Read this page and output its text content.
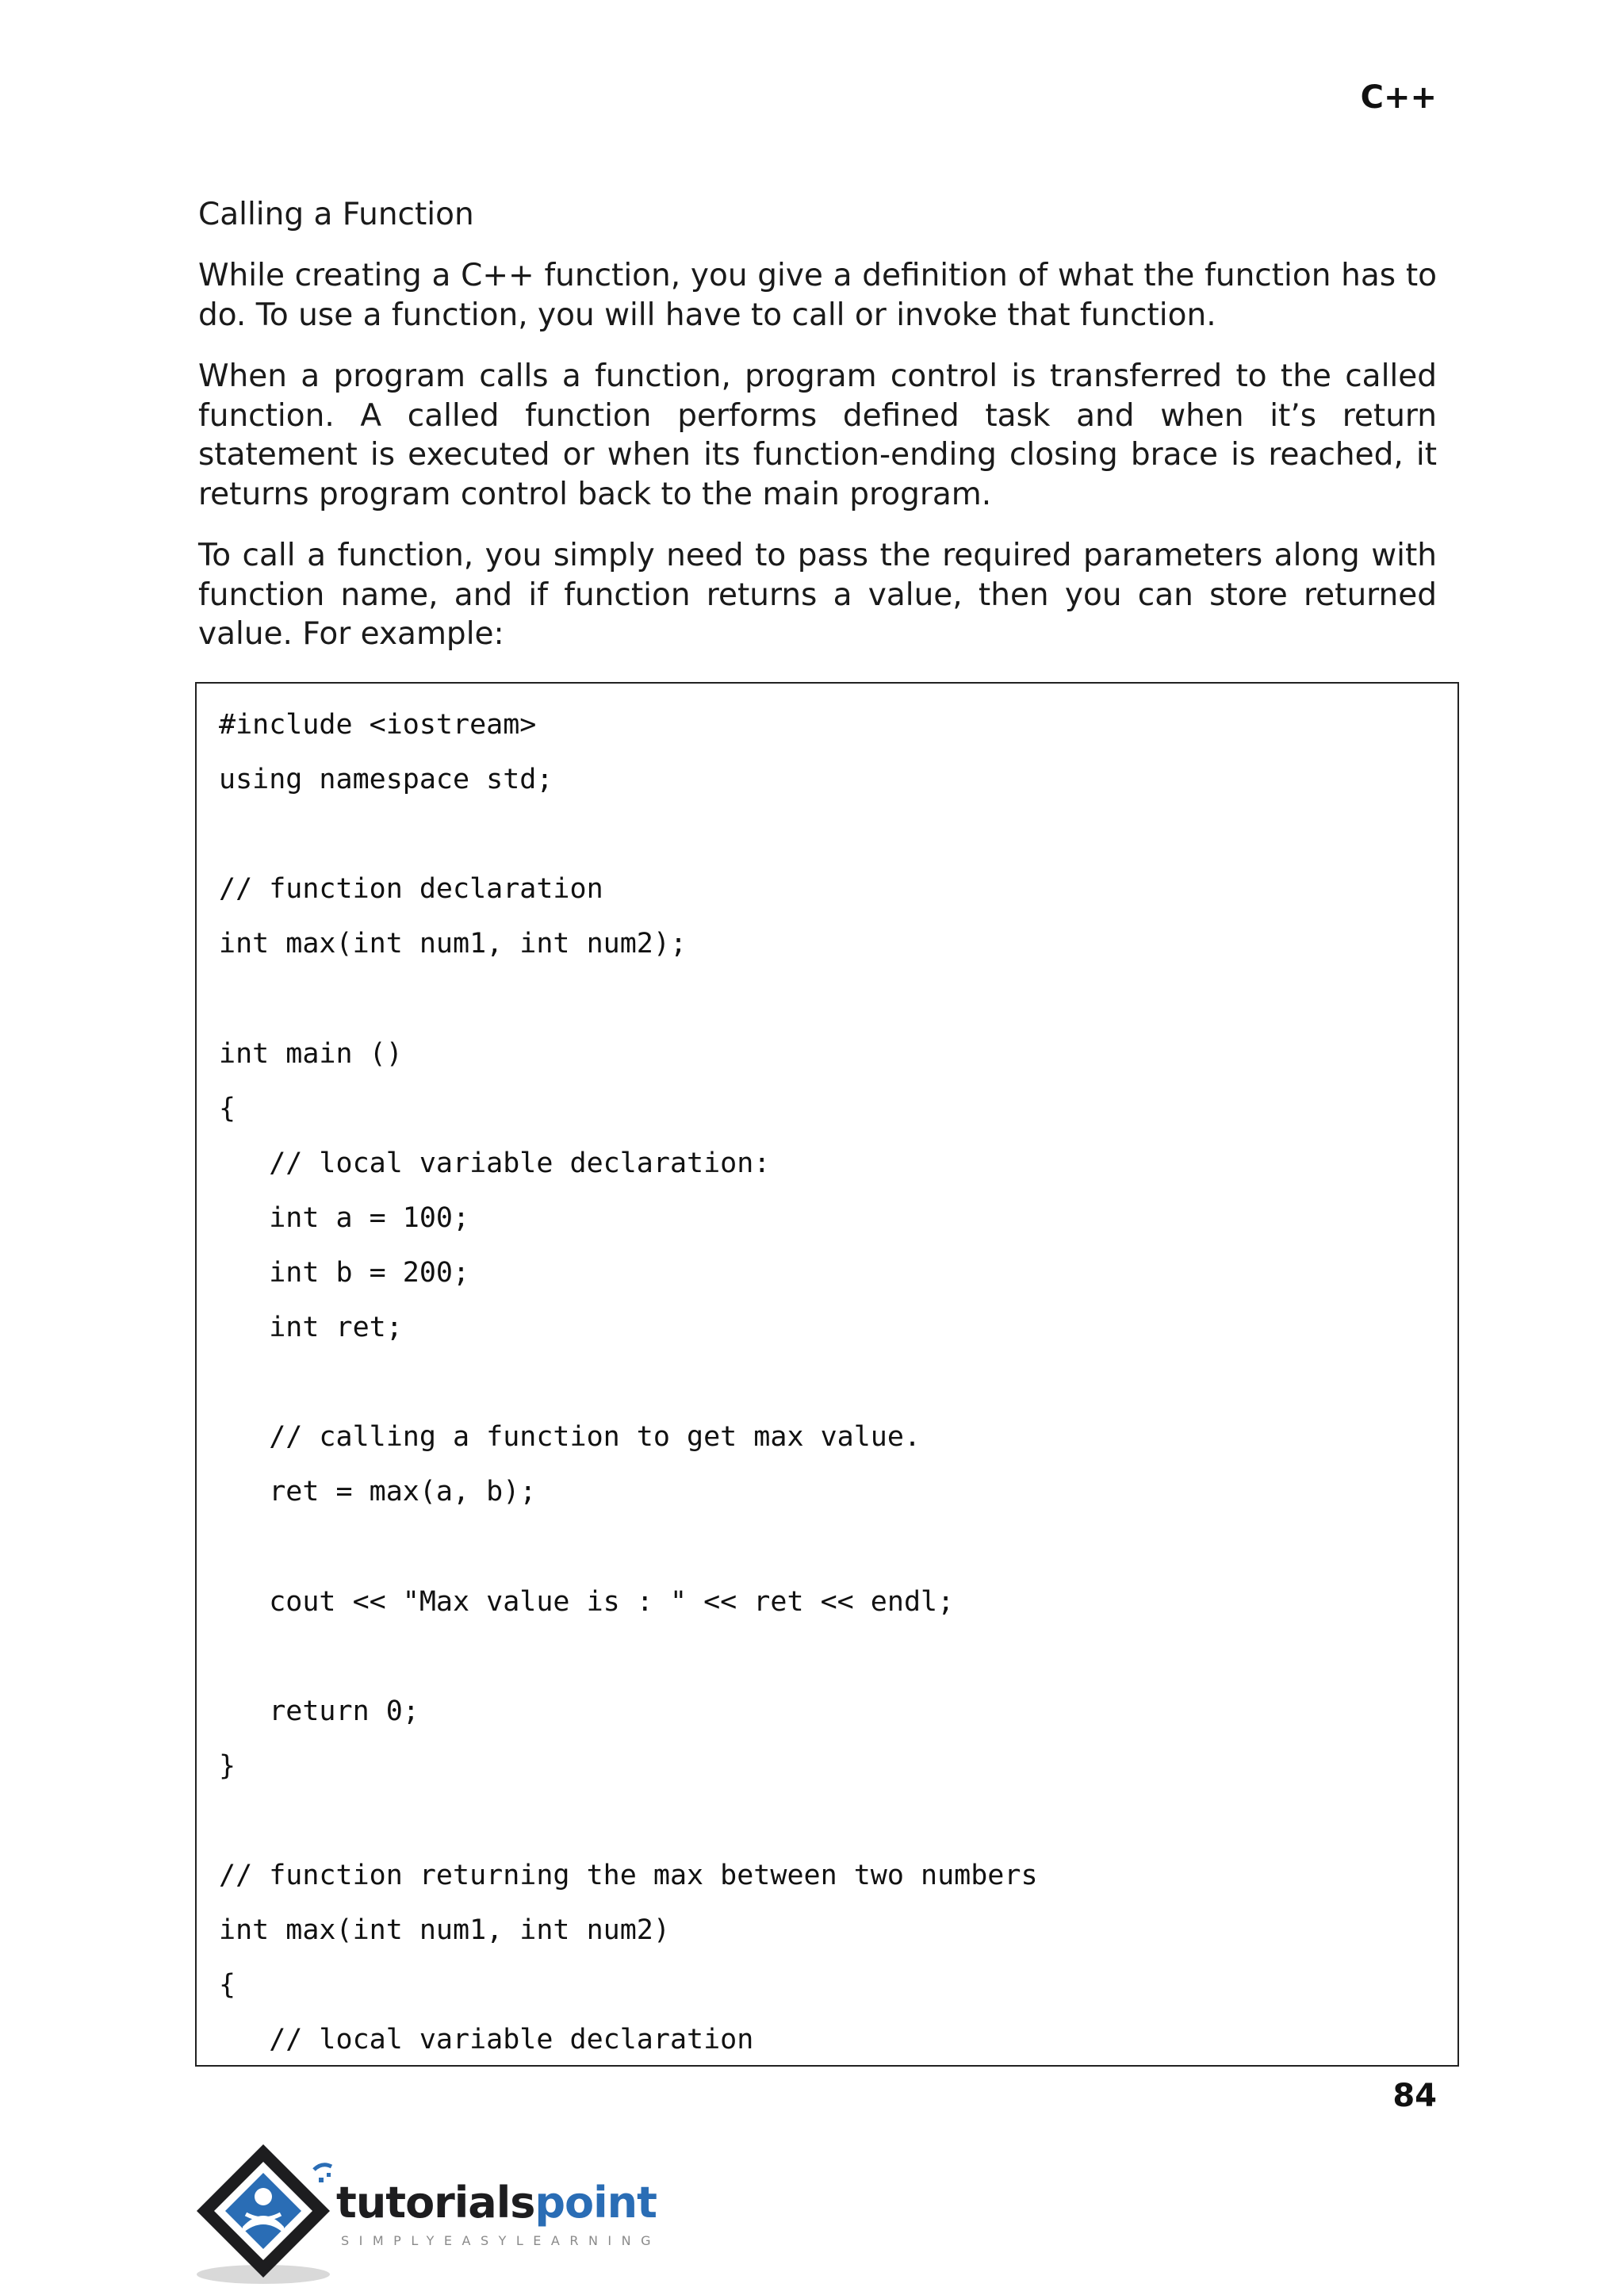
C++
Calling a Function

While creating a C++ function, you give a definition of what the function has to do. To use a function, you will have to call or invoke that function.

When a program calls a function, program control is transferred to the called function. A called function performs defined task and when it’s return statement is executed or when its function-ending closing brace is reached, it returns program control back to the main program.

To call a function, you simply need to pass the required parameters along with function name, and if function returns a value, then you can store returned value. For example:

#include <iostream>
using namespace std;
// function declaration
int max(int num1, int num2);
int main ()
{
// local variable declaration:
int a = 100;
int b = 200;
int ret;
// calling a function to get max value.
ret = max(a, b);
cout << "Max value is : " << ret << endl;
return 0;
}
// function returning the max between two numbers
int max(int num1, int num2)
{
// local variable declaration
84
tutorialspoint
SIMPLYEASYLEARNING
